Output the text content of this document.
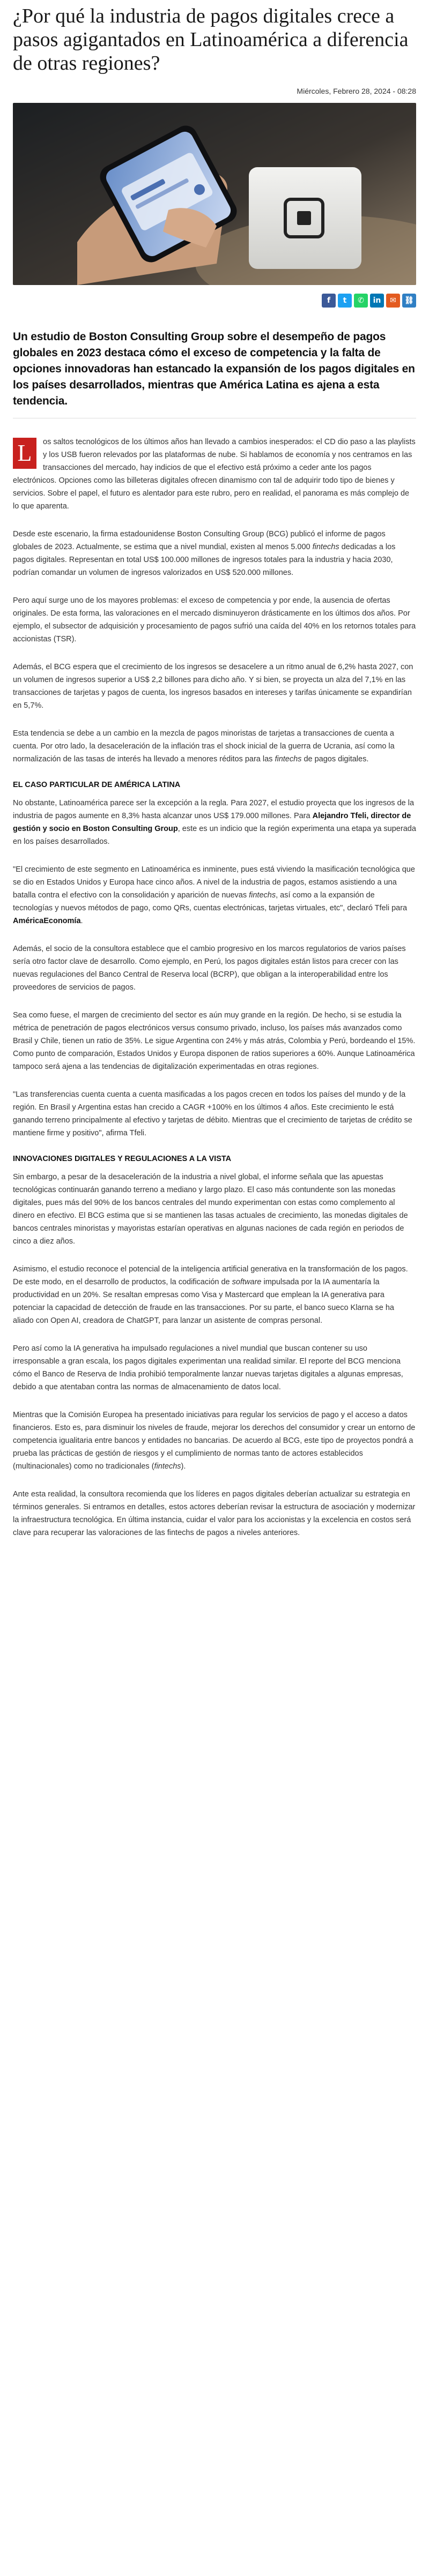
¿Por qué la industria de pagos digitales crece a pasos agigantados en Latinoamérica a diferencia de otras regiones?
Miércoles, Febrero 28, 2024 - 08:28
f t ✆ in ✉ ⛓

Un estudio de Boston Consulting Group sobre el desempeño de pagos globales en 2023 destaca cómo el exceso de competencia y la falta de opciones innovadoras han estancado la expansión de los pagos digitales en los países desarrollados, mientras que América Latina es ajena a esta tendencia.

L	os saltos tecnológicos de los últimos años han llevado a cambios inesperados: el CD dio paso a las playlists y los USB fueron relevados por las plataformas de nube. Si hablamos de economía y nos centramos en las transacciones del mercado, hay indicios de que el efectivo está próximo a ceder ante los pagos electrónicos. Opciones como las billeteras digitales ofrecen dinamismo con tal de adquirir todo tipo de bienes y servicios. Sobre el papel, el futuro es alentador para este rubro, pero en realidad, el panorama es más complejo de lo que aparenta.

Desde este escenario, la firma estadounidense Boston Consulting Group (BCG) publicó el informe de pagos globales de 2023. Actualmente, se estima que a nivel mundial, existen al menos 5.000 fintechs dedicadas a los pagos digitales. Representan en total US$ 100.000 millones de ingresos totales para la industria y hacia 2030, podrían comandar un volumen de ingresos valorizados en US$ 520.000 millones.

Pero aquí surge uno de los mayores problemas: el exceso de competencia y por ende, la ausencia de ofertas originales. De esta forma, las valoraciones en el mercado disminuyeron drásticamente en los últimos dos años. Por ejemplo, el subsector de adquisición y procesamiento de pagos sufrió una caída del 40% en los retornos totales para accionistas (TSR).

Además, el BCG espera que el crecimiento de los ingresos se desacelere a un ritmo anual de 6,2% hasta 2027, con un volumen de ingresos superior a US$ 2,2 billones para dicho año. Y si bien, se proyecta un alza del 7,1% en las transacciones de tarjetas y pagos de cuenta, los ingresos basados en intereses y tarifas únicamente se expandirían en 5,7%.

Esta tendencia se debe a un cambio en la mezcla de pagos minoristas de tarjetas a transacciones de cuenta a cuenta. Por otro lado, la desaceleración de la inflación tras el shock inicial de la guerra de Ucrania, así como la normalización de las tasas de interés ha llevado a menores réditos para las fintechs de pagos digitales.

EL CASO PARTICULAR DE AMÉRICA LATINA

No obstante, Latinoamérica parece ser la excepción a la regla. Para 2027, el estudio proyecta que los ingresos de la industria de pagos aumente en 8,3% hasta alcanzar unos US$ 179.000 millones. Para Alejandro Tfeli, director de gestión y socio en Boston Consulting Group, este es un indicio que la región experimenta una etapa ya superada en los países desarrollados.

"El crecimiento de este segmento en Latinoamérica es inminente, pues está viviendo la masificación tecnológica que se dio en Estados Unidos y Europa hace cinco años. A nivel de la industria de pagos, estamos asistiendo a una batalla contra el efectivo con la consolidación y aparición de nuevas fintechs, así como a la expansión de tecnologías y nuevos métodos de pago, como QRs, cuentas electrónicas, tarjetas virtuales, etc", declaró Tfeli para AméricaEconomía.

Además, el socio de la consultora establece que el cambio progresivo en los marcos regulatorios de varios países sería otro factor clave de desarrollo. Como ejemplo, en Perú, los pagos digitales están listos para crecer con las nuevas regulaciones del Banco Central de Reserva local (BCRP), que obligan a la interoperabilidad entre los proveedores de servicios de pagos.

Sea como fuese, el margen de crecimiento del sector es aún muy grande en la región. De hecho, si se estudia la métrica de penetración de pagos electrónicos versus consumo privado, incluso, los países más avanzados como Brasil y Chile, tienen un ratio de 35%. Le sigue Argentina con 24% y más atrás, Colombia y Perú, bordeando el 15%. Como punto de comparación, Estados Unidos y Europa disponen de ratios superiores a 60%. Aunque Latinoamérica tampoco será ajena a las tendencias de digitalización experimentadas en otras regiones.

"Las transferencias cuenta cuenta a cuenta masificadas a los pagos crecen en todos los países del mundo y de la región. En Brasil y Argentina estas han crecido a CAGR +100% en los últimos 4 años. Este crecimiento le está ganando terreno principalmente al efectivo y tarjetas de débito. Mientras que el crecimiento de tarjetas de crédito se mantiene firme y positivo", afirma Tfeli.

INNOVACIONES DIGITALES Y REGULACIONES A LA VISTA

Sin embargo, a pesar de la desaceleración de la industria a nivel global, el informe señala que las apuestas tecnológicas continuarán ganando terreno a mediano y largo plazo. El caso más contundente son las monedas digitales, pues más del 90% de los bancos centrales del mundo experimentan con estas como complemento al dinero en efectivo. El BCG estima que si se mantienen las tasas actuales de crecimiento, las monedas digitales de bancos centrales minoristas y mayoristas estarían operativas en algunas naciones de cada región en periodos de cinco a diez años.

Asimismo, el estudio reconoce el potencial de la inteligencia artificial generativa en la transformación de los pagos. De este modo, en el desarrollo de productos, la codificación de software impulsada por la IA aumentaría la productividad en un 20%. Se resaltan empresas como Visa y Mastercard que emplean la IA generativa para potenciar la capacidad de detección de fraude en las transacciones. Por su parte, el banco sueco Klarna se ha aliado con Open AI, creadora de ChatGPT, para lanzar un asistente de compras personal.

Pero así como la IA generativa ha impulsado regulaciones a nivel mundial que buscan contener su uso irresponsable a gran escala, los pagos digitales experimentan una realidad similar. El reporte del BCG menciona cómo el Banco de Reserva de India prohibió temporalmente lanzar nuevas tarjetas digitales a algunas empresas, debido a que atentaban contra las normas de almacenamiento de datos local.

Mientras que la Comisión Europea ha presentado iniciativas para regular los servicios de pago y el acceso a datos financieros. Esto es, para disminuir los niveles de fraude, mejorar los derechos del consumidor y crear un entorno de competencia igualitaria entre bancos y entidades no bancarias. De acuerdo al BCG, este tipo de proyectos pondrá a prueba las prácticas de gestión de riesgos y el cumplimiento de normas tanto de actores establecidos (multinacionales) como no tradicionales (fintechs).

Ante esta realidad, la consultora recomienda que los líderes en pagos digitales deberían actualizar su estrategia en términos generales. Si entramos en detalles, estos actores deberían revisar la estructura de asociación y modernizar la infraestructura tecnológica. En última instancia, cuidar el valor para los accionistas y la excelencia en costos será clave para recuperar las valoraciones de las fintechs de pagos a niveles anteriores.
